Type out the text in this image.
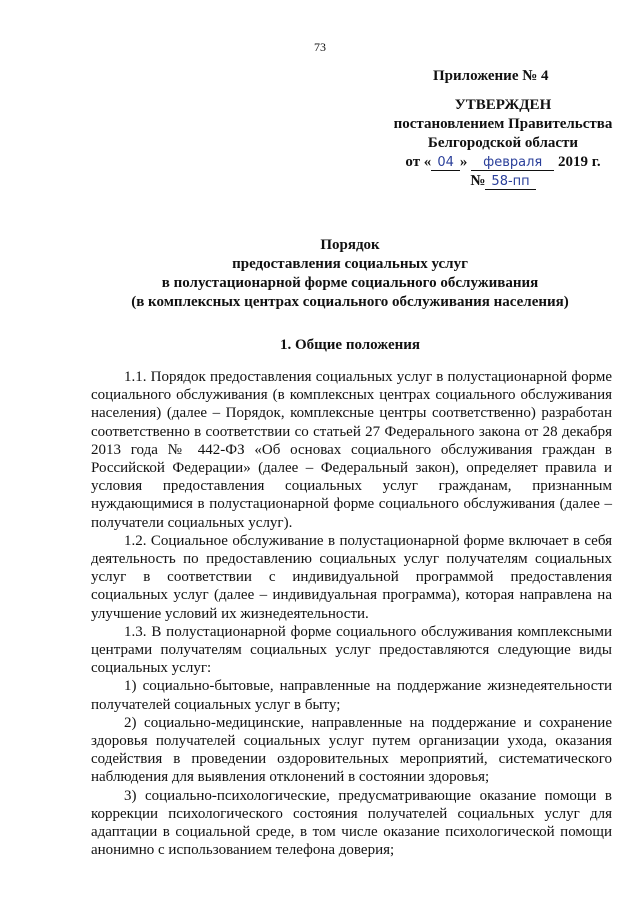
73
Приложение № 4
УТВЕРЖДЕН
постановлением Правительства
Белгородской области
от « 04 » февраля 2019 г.
№ 58-пп
Порядок
предоставления социальных услуг
в полустационарной форме социального обслуживания
(в комплексных центрах социального обслуживания населения)
1. Общие положения

1.1. Порядок предоставления социальных услуг в полустационарной форме социального обслуживания (в комплексных центрах социального обслуживания населения) (далее – Порядок, комплексные центры соответственно) разработан соответственно в соответствии со статьей 27 Федерального закона от 28 декабря 2013 года № 442-ФЗ «Об основах социального обслуживания граждан в Российской Федерации» (далее – Федеральный закон), определяет правила и условия предоставления социальных услуг гражданам, признанным нуждающимися в полустационарной форме социального обслуживания (далее – получатели социальных услуг).

1.2. Социальное обслуживание в полустационарной форме включает в себя деятельность по предоставлению социальных услуг получателям социальных услуг в соответствии с индивидуальной программой предоставления социальных услуг (далее – индивидуальная программа), которая направлена на улучшение условий их жизнедеятельности.

1.3. В полустационарной форме социального обслуживания комплексными центрами получателям социальных услуг предоставляются следующие виды социальных услуг:

1) социально-бытовые, направленные на поддержание жизнедеятельности получателей социальных услуг в быту;

2) социально-медицинские, направленные на поддержание и сохранение здоровья получателей социальных услуг путем организации ухода, оказания содействия в проведении оздоровительных мероприятий, систематического наблюдения для выявления отклонений в состоянии здоровья;

3) социально-психологические, предусматривающие оказание помощи в коррекции психологического состояния получателей социальных услуг для адаптации в социальной среде, в том числе оказание психологической помощи анонимно с использованием телефона доверия;
